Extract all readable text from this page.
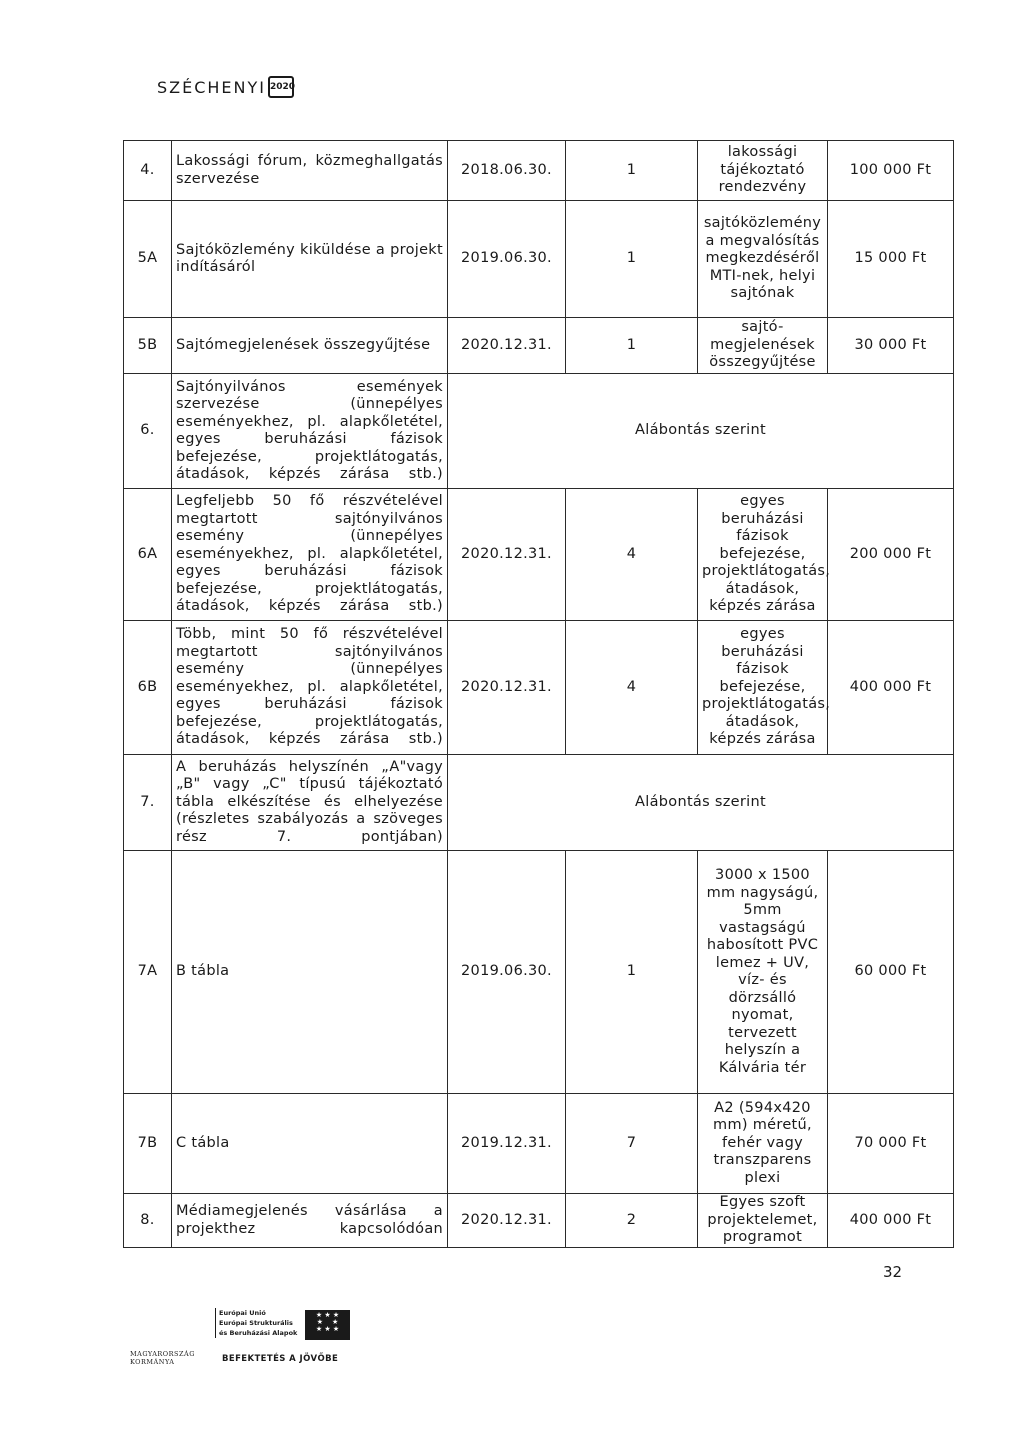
SZÉCHENYI 2020
4.	Lakossági fórum, közmeghallgatás szervezése	2018.06.30.	1	lakossági tájékoztató rendezvény	100 000 Ft
5A	Sajtóközlemény kiküldése a projekt indításáról	2019.06.30.	1	sajtóközlemény a megvalósítás megkezdéséről MTI-nek, helyi sajtónak	15 000 Ft
5B	Sajtómegjelenések összegyűjtése	2020.12.31.	1	sajtó- megjelenések összegyűjtése	30 000 Ft
6.	Sajtónyilvános események szervezése (ünnepélyes eseményekhez, pl. alapkőletétel, egyes beruházási fázisok befejezése, projektlátogatás, átadások, képzés zárása stb.)	Alábontás szerint			
6A	Legfeljebb 50 fő részvételével megtartott sajtónyilvános esemény (ünnepélyes eseményekhez, pl. alapkőletétel, egyes beruházási fázisok befejezése, projektlátogatás, átadások, képzés zárása stb.)	2020.12.31.	4	egyes beruházási fázisok befejezése, projektlátogatás, átadások, képzés zárása	200 000 Ft
6B	Több, mint 50 fő részvételével megtartott sajtónyilvános esemény (ünnepélyes eseményekhez, pl. alapkőletétel, egyes beruházási fázisok befejezése, projektlátogatás, átadások, képzés zárása stb.)	2020.12.31.	4	egyes beruházási fázisok befejezése, projektlátogatás, átadások, képzés zárása	400 000 Ft
7.	A beruházás helyszínén „A"vagy „B" vagy „C" típusú tájékoztató tábla elkészítése és elhelyezése (részletes szabályozás a szöveges rész 7. pontjában)	Alábontás szerint			
7A	B tábla	2019.06.30.	1	3000 x 1500 mm nagyságú, 5mm vastagságú habosított PVC lemez + UV, víz- és dörzsálló nyomat, tervezett helyszín a Kálvária tér	60 000 Ft
7B	C tábla	2019.12.31.	7	A2 (594x420 mm) méretű, fehér vagy transzparens plexi	70 000 Ft
8.	Médiamegjelenés vásárlása a projekthez kapcsolódóan	2020.12.31.	2	Egyes szoft projektelemet, programot	400 000 Ft
32
MAGYARORSZÁG
KORMÁNYA
Európai Unió
Európai Strukturális
és Beruházási Alapok
★ ★ ★
★    ★
★ ★ ★
BEFEKTETÉS A JÖVŐBE
